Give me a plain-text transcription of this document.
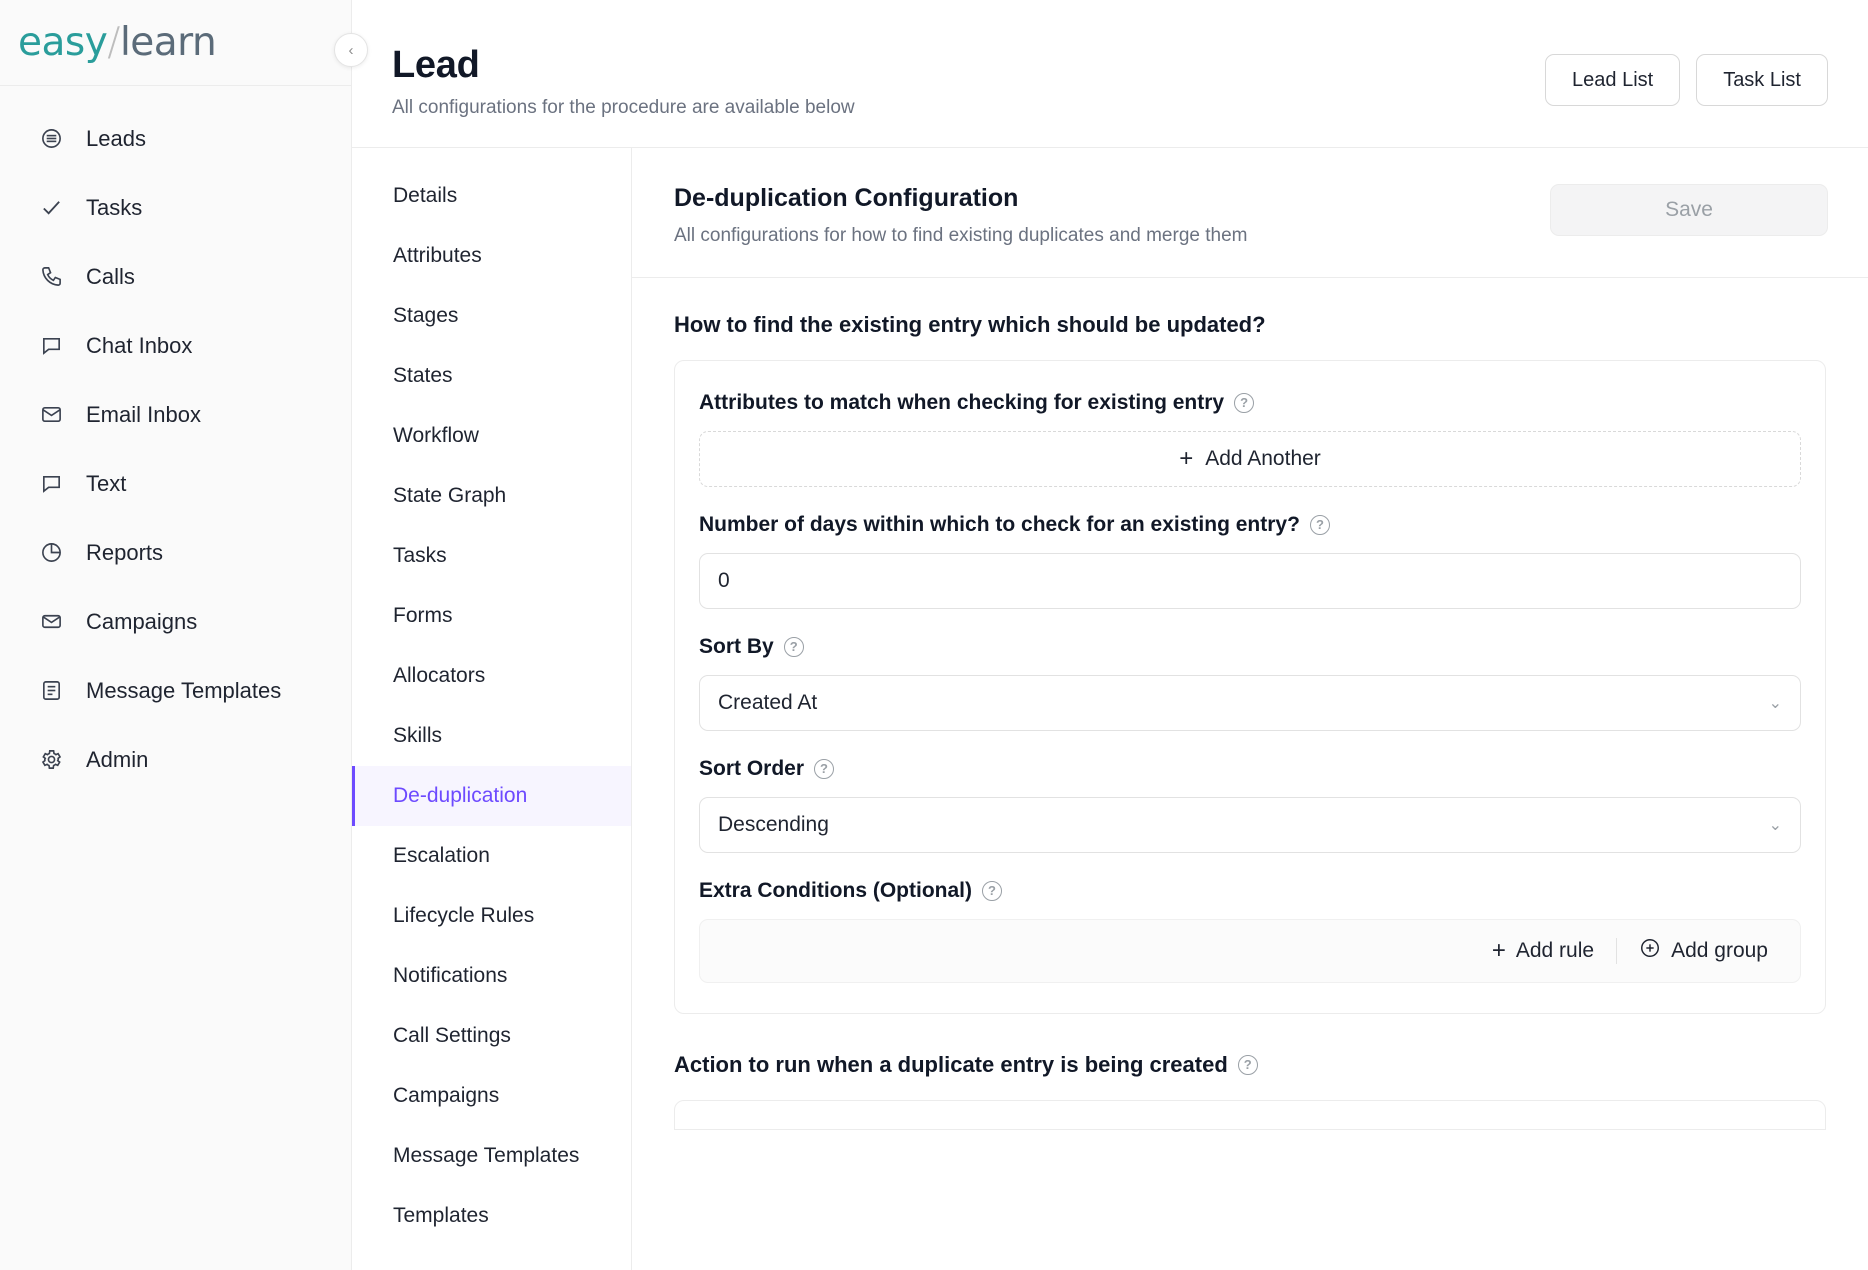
easy/learn	‹
Leads
Tasks
Calls
Chat Inbox
Email Inbox
Text
Reports
Campaigns
Message Templates
Admin
Lead
All configurations for the procedure are available below
Lead List	Task List
Details
Attributes
Stages
States
Workflow
State Graph
Tasks
Forms
Allocators
Skills
De-duplication
Escalation
Lifecycle Rules
Notifications
Call Settings
Campaigns
Message Templates
Templates
De-duplication Configuration
All configurations for how to find existing duplicates and merge them
Save
How to find the existing entry which should be updated?
Attributes to match when checking for existing entry	?
+ Add Another
Number of days within which to check for an existing entry?	?
0
Sort By	?
Created At	⌄
Sort Order	?
Descending	⌄
Extra Conditions (Optional)	?
+ Add rule	Add group
Action to run when a duplicate entry is being created	?
